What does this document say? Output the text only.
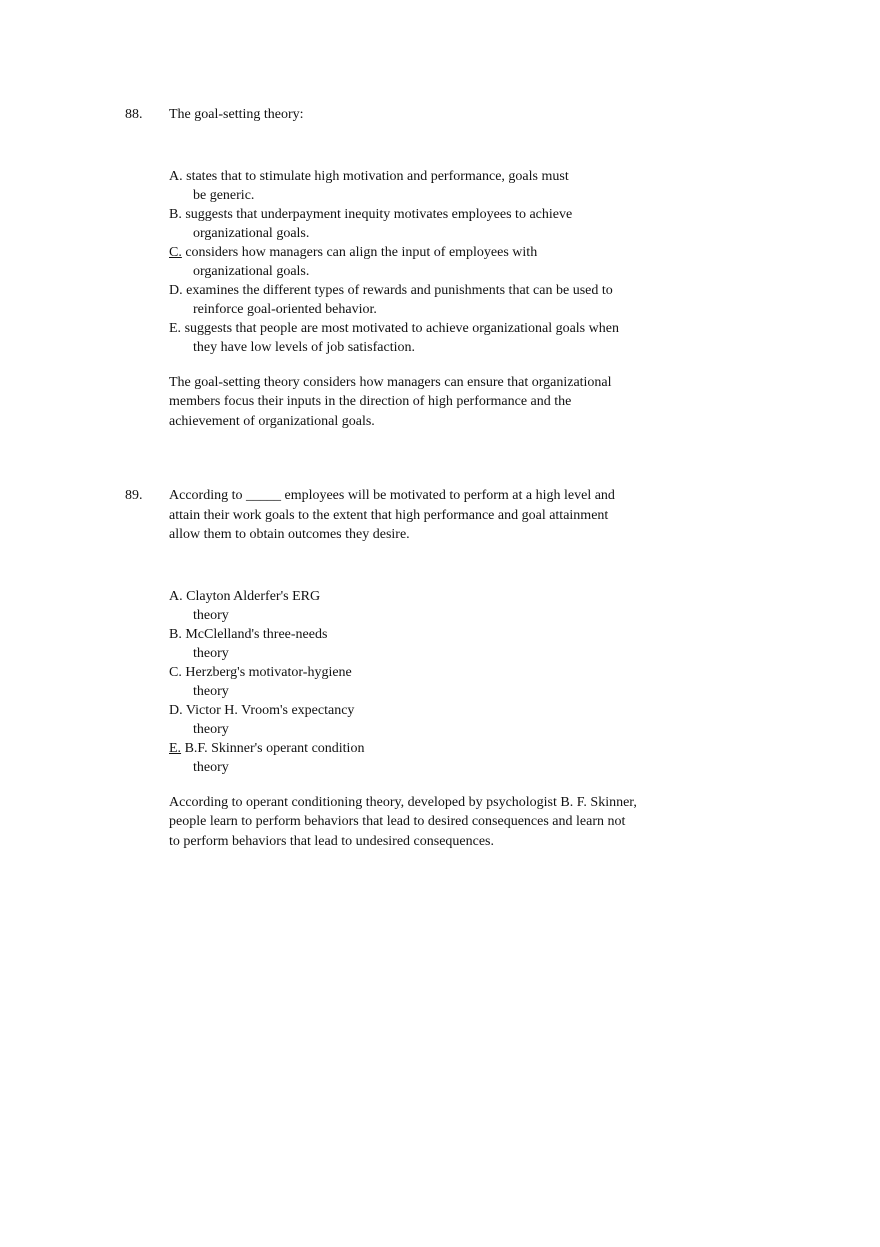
88. The goal-setting theory:
A. states that to stimulate high motivation and performance, goals must
be generic.
B. suggests that underpayment inequity motivates employees to achieve
organizational goals.
C. considers how managers can align the input of employees with
organizational goals.
D. examines the different types of rewards and punishments that can be used to
reinforce goal-oriented behavior.
E. suggests that people are most motivated to achieve organizational goals when
they have low levels of job satisfaction.
The goal-setting theory considers how managers can ensure that organizational
members focus their inputs in the direction of high performance and the
achievement of organizational goals.
89. According to _____ employees will be motivated to perform at a high level and
attain their work goals to the extent that high performance and goal attainment
allow them to obtain outcomes they desire.
A. Clayton Alderfer's ERG
theory
B. McClelland's three-needs
theory
C. Herzberg's motivator-hygiene
theory
D. Victor H. Vroom's expectancy
theory
E. B.F. Skinner's operant condition
theory
According to operant conditioning theory, developed by psychologist B. F. Skinner,
people learn to perform behaviors that lead to desired consequences and learn not
to perform behaviors that lead to undesired consequences.
